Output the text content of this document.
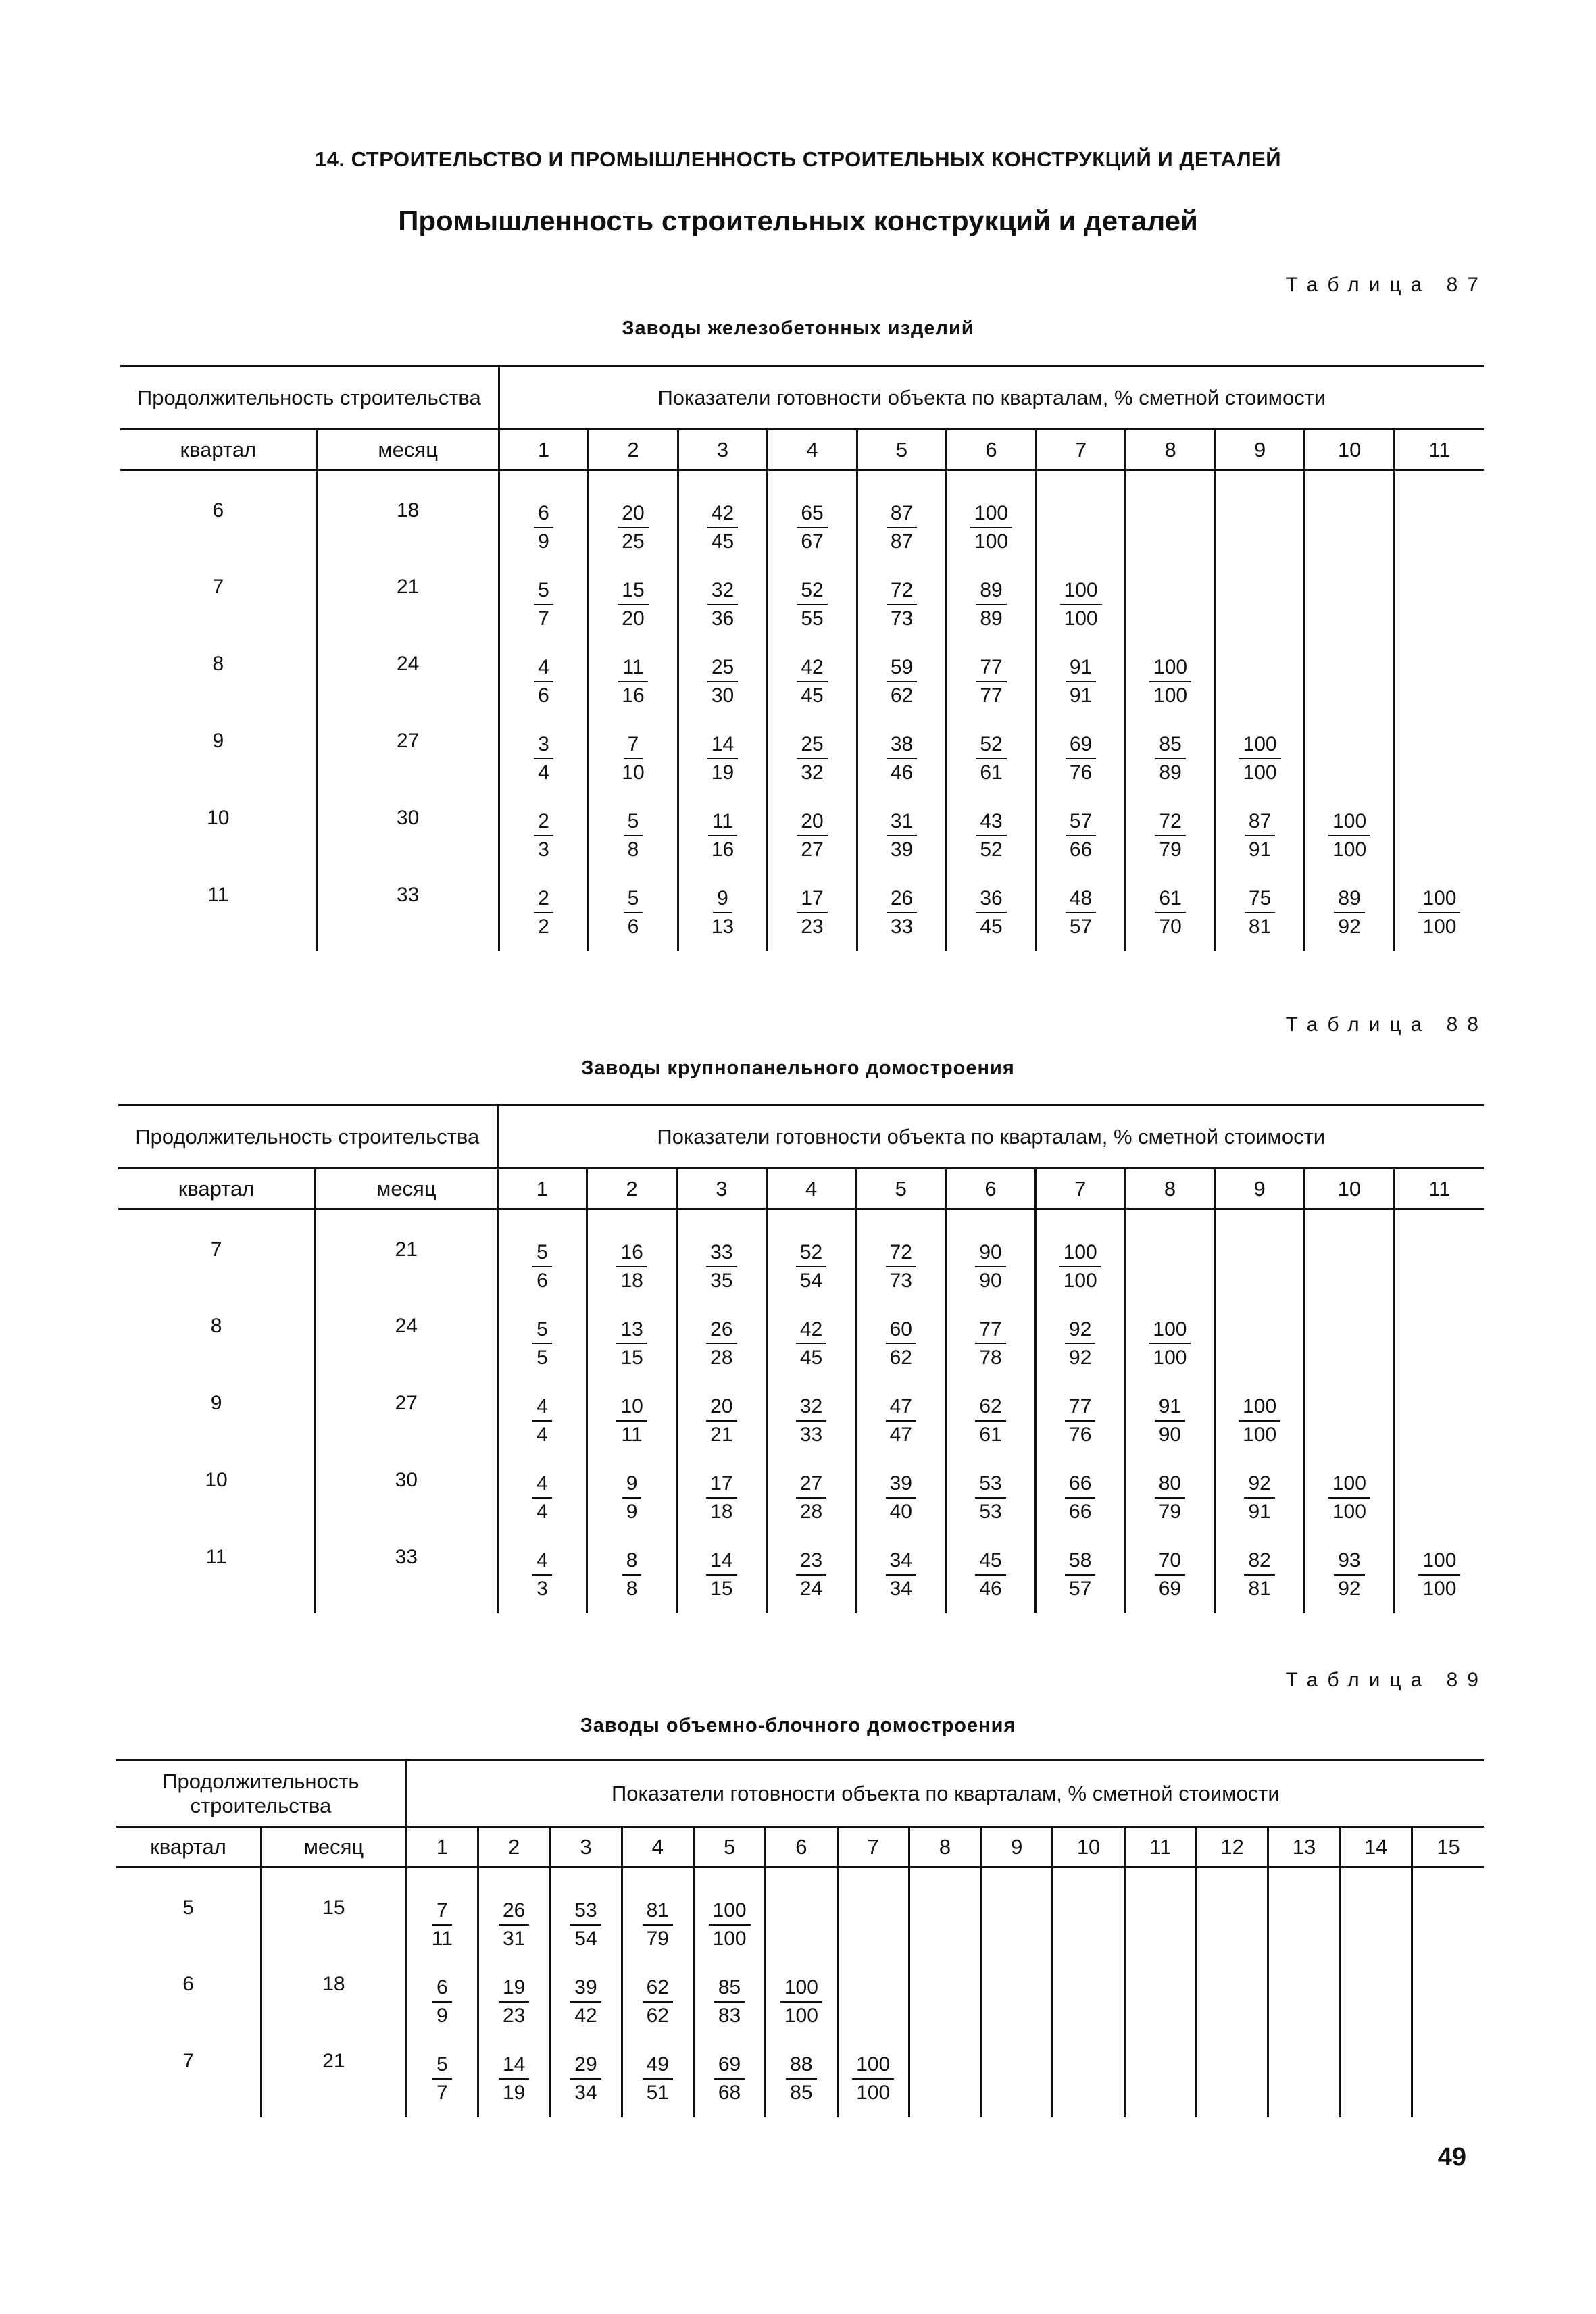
14. СТРОИТЕЛЬСТВО И ПРОМЫШЛЕННОСТЬ СТРОИТЕЛЬНЫХ КОНСТРУКЦИЙ И ДЕТАЛЕЙ
Промышленность строительных конструкций и деталей
Таблица 87
Заводы железобетонных изделий
Продолжительность строительства		Показатели готовности объекта по кварталам, % сметной стоимости										
квартал	месяц	1	2	3	4	5	6	7	8	9	10	11
6	18	$\frac{6}{9}$	$\frac{20}{25}$	$\frac{42}{45}$	$\frac{65}{67}$	$\frac{87}{87}$	$\frac{100}{100}$

7	21	$\frac{5}{7}$	$\frac{15}{20}$	$\frac{32}{36}$	$\frac{52}{55}$	$\frac{72}{73}$	$\frac{89}{89}$	$\frac{100}{100}$

8	24	$\frac{4}{6}$	$\frac{11}{16}$	$\frac{25}{30}$	$\frac{42}{45}$	$\frac{59}{62}$	$\frac{77}{77}$	$\frac{91}{91}$	$\frac{100}{100}$

9	27	$\frac{3}{4}$	$\frac{7}{10}$	$\frac{14}{19}$	$\frac{25}{32}$	$\frac{38}{46}$	$\frac{52}{61}$	$\frac{69}{76}$	$\frac{85}{89}$	$\frac{100}{100}$

10	30	$\frac{2}{3}$	$\frac{5}{8}$	$\frac{11}{16}$	$\frac{20}{27}$	$\frac{31}{39}$	$\frac{43}{52}$	$\frac{57}{66}$	$\frac{72}{79}$	$\frac{87}{91}$	$\frac{100}{100}$

11	33	$\frac{2}{2}$	$\frac{5}{6}$	$\frac{9}{13}$	$\frac{17}{23}$	$\frac{26}{33}$	$\frac{36}{45}$	$\frac{48}{57}$	$\frac{61}{70}$	$\frac{75}{81}$	$\frac{89}{92}$	$\frac{100}{100}$
Таблица 88
Заводы крупнопанельного домостроения
Продолжительность строительства		Показатели готовности объекта по кварталам, % сметной стоимости										
квартал	месяц	1	2	3	4	5	6	7	8	9	10	11
7	21	$\frac{5}{6}$	$\frac{16}{18}$	$\frac{33}{35}$	$\frac{52}{54}$	$\frac{72}{73}$	$\frac{90}{90}$	$\frac{100}{100}$

8	24	$\frac{5}{5}$	$\frac{13}{15}$	$\frac{26}{28}$	$\frac{42}{45}$	$\frac{60}{62}$	$\frac{77}{78}$	$\frac{92}{92}$	$\frac{100}{100}$

9	27	$\frac{4}{4}$	$\frac{10}{11}$	$\frac{20}{21}$	$\frac{32}{33}$	$\frac{47}{47}$	$\frac{62}{61}$	$\frac{77}{76}$	$\frac{91}{90}$	$\frac{100}{100}$

10	30	$\frac{4}{4}$	$\frac{9}{9}$	$\frac{17}{18}$	$\frac{27}{28}$	$\frac{39}{40}$	$\frac{53}{53}$	$\frac{66}{66}$	$\frac{80}{79}$	$\frac{92}{91}$	$\frac{100}{100}$

11	33	$\frac{4}{3}$	$\frac{8}{8}$	$\frac{14}{15}$	$\frac{23}{24}$	$\frac{34}{34}$	$\frac{45}{46}$	$\frac{58}{57}$	$\frac{70}{69}$	$\frac{82}{81}$	$\frac{93}{92}$	$\frac{100}{100}$
Таблица 89
Заводы объемно-блочного домостроения
Продолжительность строительства		Показатели готовности объекта по кварталам, % сметной стоимости														
квартал	месяц	1	2	3	4	5	6	7	8	9	10	11	12	13	14	15
5	15	$\frac{7}{11}$	$\frac{26}{31}$	$\frac{53}{54}$	$\frac{81}{79}$	$\frac{100}{100}$

6	18	$\frac{6}{9}$	$\frac{19}{23}$	$\frac{39}{42}$	$\frac{62}{62}$	$\frac{85}{83}$	$\frac{100}{100}$

7	21	$\frac{5}{7}$	$\frac{14}{19}$	$\frac{29}{34}$	$\frac{49}{51}$	$\frac{69}{68}$	$\frac{88}{85}$	$\frac{100}{100}$

49
